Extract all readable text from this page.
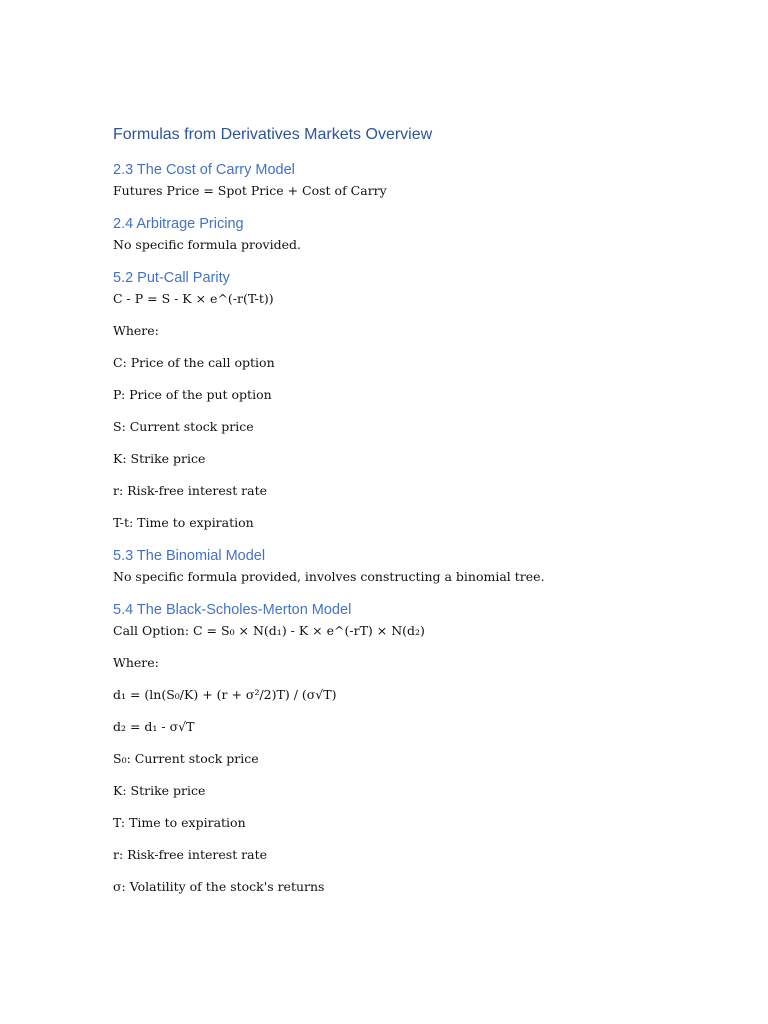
Formulas from Derivatives Markets Overview
2.3 The Cost of Carry Model

Futures Price = Spot Price + Cost of Carry

2.4 Arbitrage Pricing

No specific formula provided.

5.2 Put-Call Parity

C - P = S - K × e^(-r(T-t))

Where:

C: Price of the call option

P: Price of the put option

S: Current stock price

K: Strike price

r: Risk-free interest rate

T-t: Time to expiration

5.3 The Binomial Model

No specific formula provided, involves constructing a binomial tree.

5.4 The Black-Scholes-Merton Model

Call Option: C = S₀ × N(d₁) - K × e^(-rT) × N(d₂)

Where:

d₁ = (ln(S₀/K) + (r + σ²/2)T) / (σ√T)

d₂ = d₁ - σ√T

S₀: Current stock price

K: Strike price

T: Time to expiration

r: Risk-free interest rate

σ: Volatility of the stock's returns
